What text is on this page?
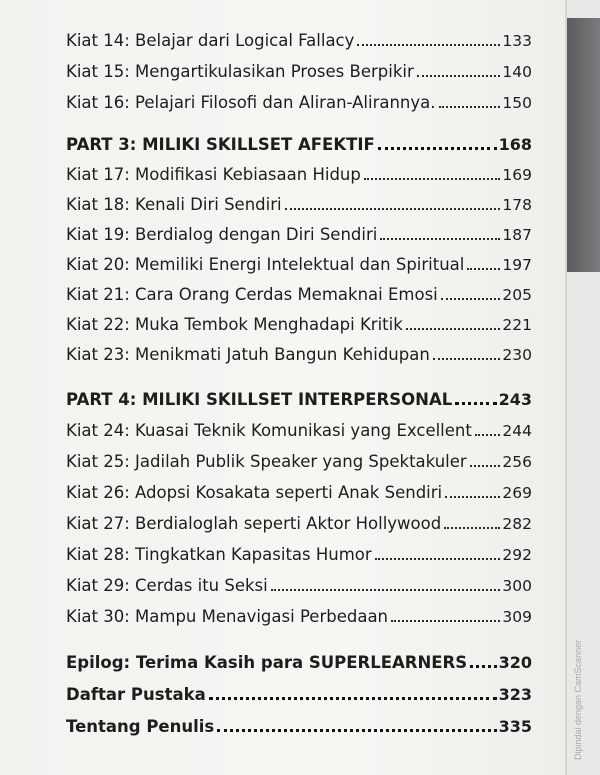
Kiat 14: Belajar dari Logical Fallacy	133
Kiat 15: Mengartikulasikan Proses Berpikir	140
Kiat 16: Pelajari Filosofi dan Aliran-Alirannya.	150
PART 3: MILIKI SKILLSET AFEKTIF	168
Kiat 17: Modifikasi Kebiasaan Hidup	169
Kiat 18: Kenali Diri Sendiri	178
Kiat 19: Berdialog dengan Diri Sendiri	187
Kiat 20: Memiliki Energi Intelektual dan Spiritual 197
Kiat 21: Cara Orang Cerdas Memaknai Emosi	205
Kiat 22: Muka Tembok Menghadapi Kritik	221
Kiat 23: Menikmati Jatuh Bangun Kehidupan	230
PART 4: MILIKI SKILLSET INTERPERSONAL	243
Kiat 24: Kuasai Teknik Komunikasi yang Excellent 244
Kiat 25: Jadilah Publik Speaker yang Spektakuler 256
Kiat 26: Adopsi Kosakata seperti Anak Sendiri	269
Kiat 27: Berdialoglah seperti Aktor Hollywood	282
Kiat 28: Tingkatkan Kapasitas Humor	292
Kiat 29: Cerdas itu Seksi	300
Kiat 30: Mampu Menavigasi Perbedaan	309
Epilog: Terima Kasih para SUPERLEARNERS 320
Daftar Pustaka	323
Tentang Penulis	335	Dipindai dengan CamScanner
